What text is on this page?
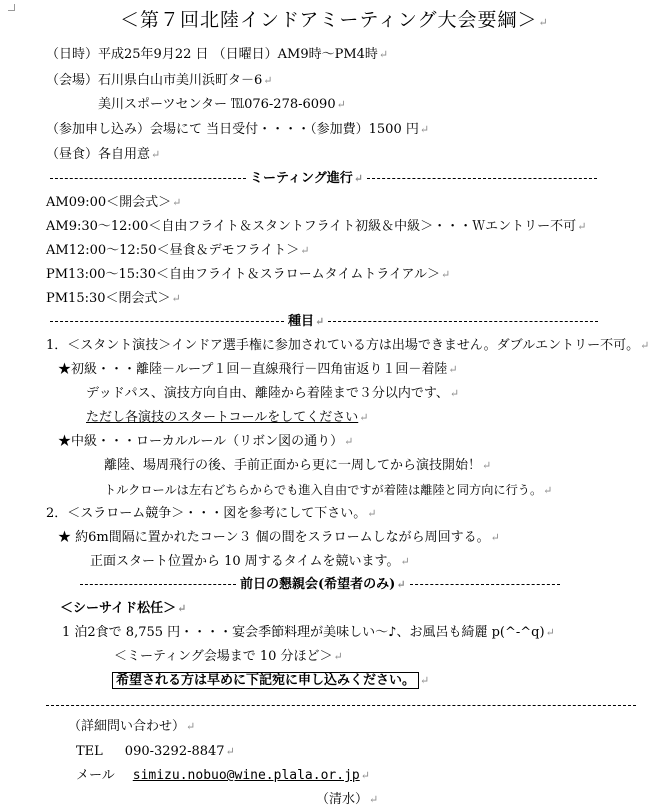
＜第７回北陸インドアミーティング大会要綱＞↵
（日時）平成25年9月22 日 （日曜日）AM9時～PM4時↵
（会場）石川県白山市美川浜町タ－6↵
美川スポーツセンター ℡076-278-6090↵
（参加申し込み）会場にて 当日受付・・・・（参加費）1500 円↵
（昼食）各自用意↵
ミーティング進行↵
AM09:00＜開会式＞↵
AM9:30～12:00＜自由フライト＆スタントフライト初級＆中級＞・・・Ｗエントリー不可↵
AM12:00～12:50＜昼食＆デモフライト＞↵
PM13:00～15:30＜自由フライト＆スラロームタイムトライアル＞↵
PM15:30＜閉会式＞↵
種目↵
1．＜スタント演技＞インドア選手権に参加されている方は出場できません。ダブルエントリー不可。↵
★初級・・・離陸－ループ１回－直線飛行－四角宙返り１回－着陸↵
デッドパス、演技方向自由、離陸から着陸まで３分以内です、↵
ただし各演技のスタートコールをしてください↵
★中級・・・ローカルルール（リボン図の通り）↵
離陸、場周飛行の後、手前正面から更に一周してから演技開始！↵
トルクロールは左右どちらからでも進入自由ですが着陸は離陸と同方向に行う。↵
2．＜スラローム競争＞・・・図を参考にして下さい。↵
★ 約6m間隔に置かれたコーン３ 個の間をスラロームしながら周回する。↵
正面スタート位置から 10 周するタイムを競います。↵
前日の懇親会(希望者のみ)↵
＜シーサイド松任＞↵
1 泊2食で 8,755 円・・・・宴会季節料理が美味しい～♪、お風呂も綺麗 p(^-^q)↵
＜ミーティング会場まで 10 分ほど＞↵
希望される方は早めに下記宛に申し込みください。 ↵
（詳細問い合わせ）↵
TEL 090-3292-8847↵
メール simizu.nobuo@wine.plala.or.jp↵
（清水）↵
